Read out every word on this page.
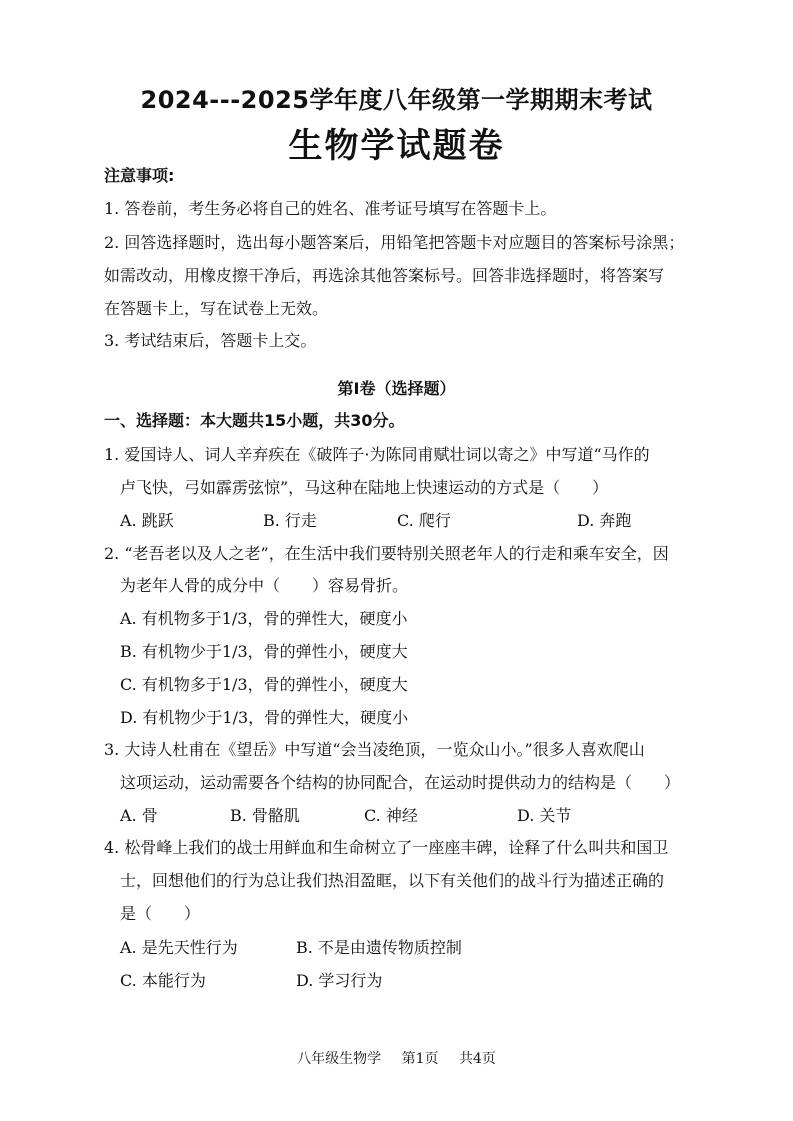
2024---2025学年度八年级第一学期期末考试
生物学试题卷
注意事项:
1. 答卷前，考生务必将自己的姓名、准考证号填写在答题卡上。
2. 回答选择题时，选出每小题答案后，用铅笔把答题卡对应题目的答案标号涂黑；
如需改动，用橡皮擦干净后，再选涂其他答案标号。回答非选择题时，将答案写
在答题卡上，写在试卷上无效。
3. 考试结束后，答题卡上交。
第I卷（选择题）
一、选择题：本大题共15小题，共30分。
1. 爱国诗人、词人辛弃疾在《破阵子·为陈同甫赋壮词以寄之》中写道“马作的
卢飞快，弓如霹雳弦惊”，马这种在陆地上快速运动的方式是（　　）
A. 跳跃	B. 行走	C. 爬行	D. 奔跑
2. “老吾老以及人之老”，在生活中我们要特别关照老年人的行走和乘车安全，因
为老年人骨的成分中（　　）容易骨折。
A. 有机物多于1/3，骨的弹性大，硬度小
B. 有机物少于1/3，骨的弹性小，硬度大
C. 有机物多于1/3，骨的弹性小，硬度大
D. 有机物少于1/3，骨的弹性大，硬度小
3. 大诗人杜甫在《望岳》中写道“会当凌绝顶，一览众山小。”很多人喜欢爬山
这项运动，运动需要各个结构的协同配合，在运动时提供动力的结构是（　　）
A. 骨	B. 骨骼肌	C. 神经	D. 关节
4. 松骨峰上我们的战士用鲜血和生命树立了一座座丰碑，诠释了什么叫共和国卫
士，回想他们的行为总让我们热泪盈眶，以下有关他们的战斗行为描述正确的
是（　　）
A. 是先天性行为	B. 不是由遗传物质控制
C. 本能行为	D. 学习行为
八年级生物学 第1页 共4页
